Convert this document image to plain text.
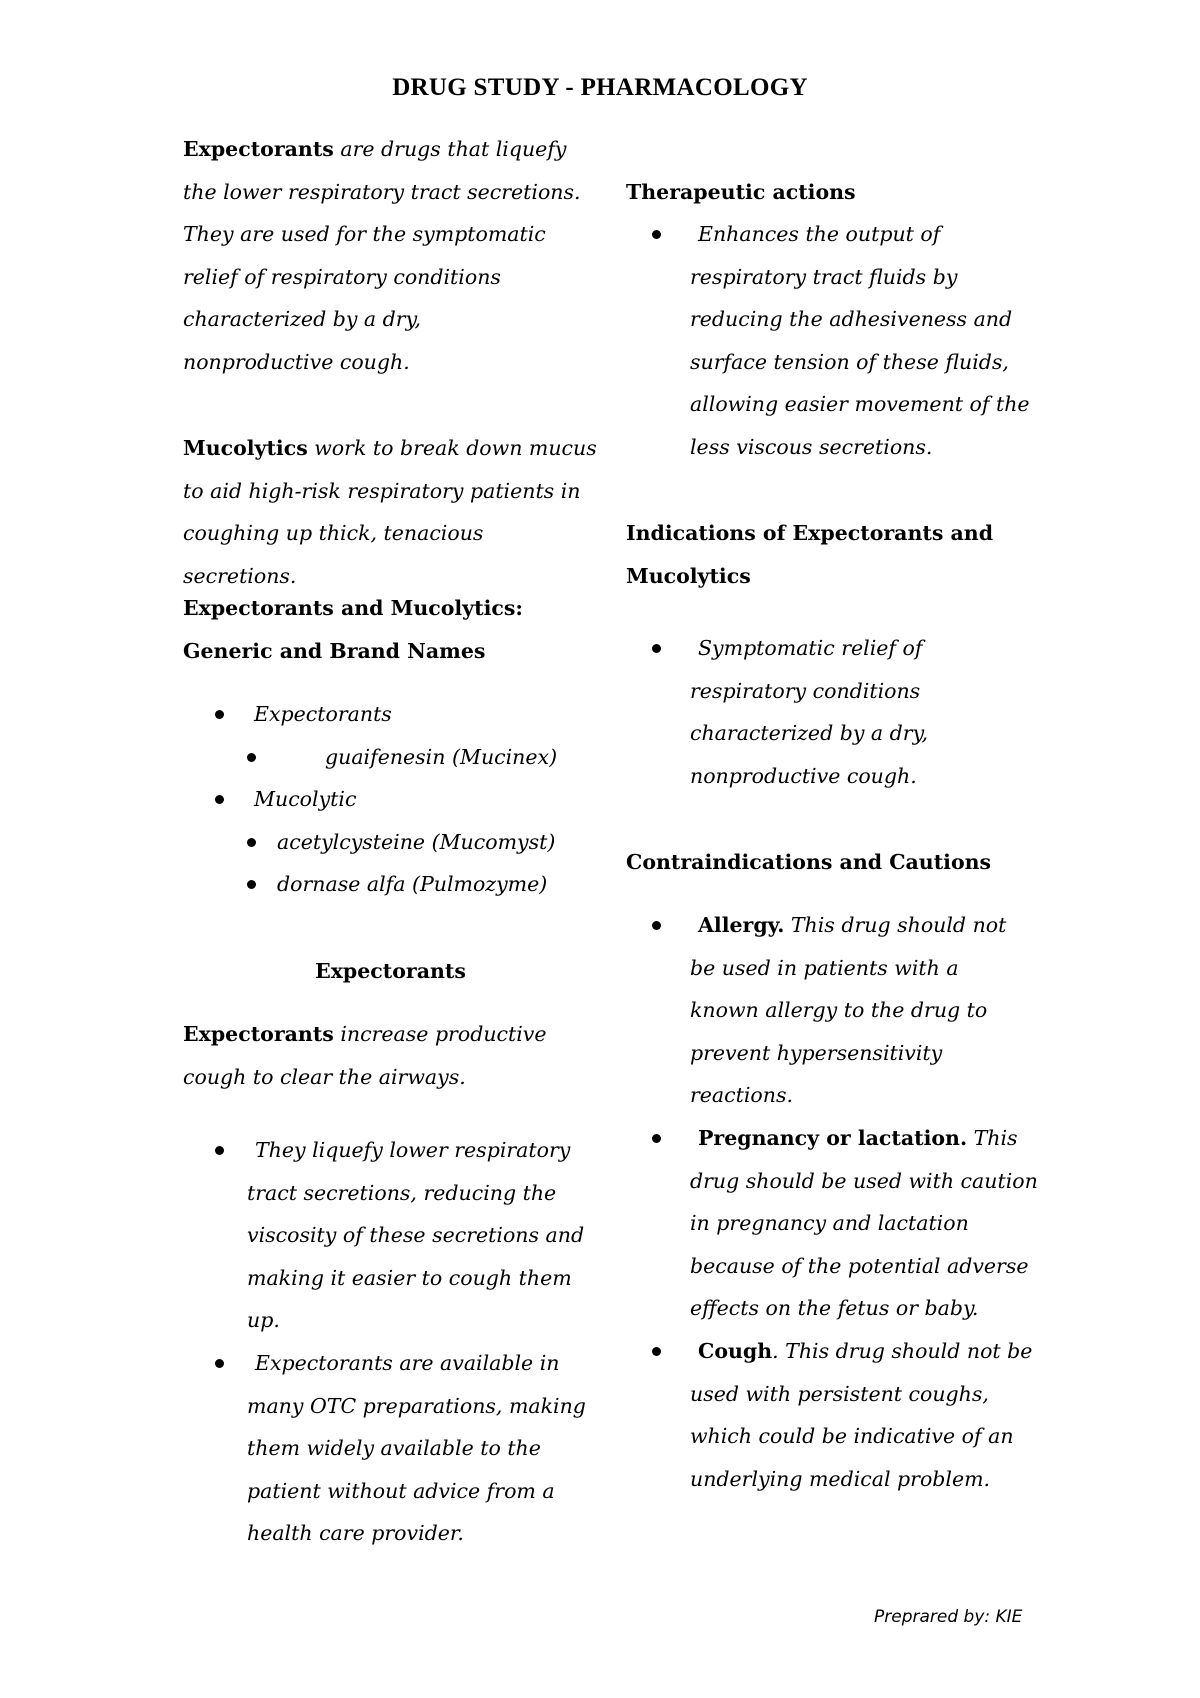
DRUG STUDY - PHARMACOLOGY

Expectorants are drugs that liquefy
the lower respiratory tract secretions.
They are used for the symptomatic
relief of respiratory conditions
characterized by a dry,
nonproductive cough.

Mucolytics work to break down mucus
to aid high-risk respiratory patients in
coughing up thick, tenacious secretions.

Expectorants and Mucolytics:
Generic and Brand Names
Expectorants
guaifenesin (Mucinex)
Mucolytic
acetylcysteine (Mucomyst)
dornase alfa (Pulmozyme)
Expectorants

Expectorants increase productive
cough to clear the airways.

They liquefy lower respiratory
tract secretions, reducing the
viscosity of these secretions and
making it easier to cough them
up.
Expectorants are available in
many OTC preparations, making
them widely available to the
patient without advice from a
health care provider.
Therapeutic actions
Enhances the output of
respiratory tract fluids by
reducing the adhesiveness and
surface tension of these fluids,
allowing easier movement of the
less viscous secretions.
Indications of Expectorants and
Mucolytics
Symptomatic relief of
respiratory conditions
characterized by a dry,
nonproductive cough.
Contraindications and Cautions
Allergy. This drug should not
be used in patients with a
known allergy to the drug to
prevent hypersensitivity
reactions.
Pregnancy or lactation. This
drug should be used with caution
in pregnancy and lactation
because of the potential adverse
effects on the fetus or baby.
Cough. This drug should not be
used with persistent coughs,
which could be indicative of an
underlying medical problem.
Preprared by: KIE
